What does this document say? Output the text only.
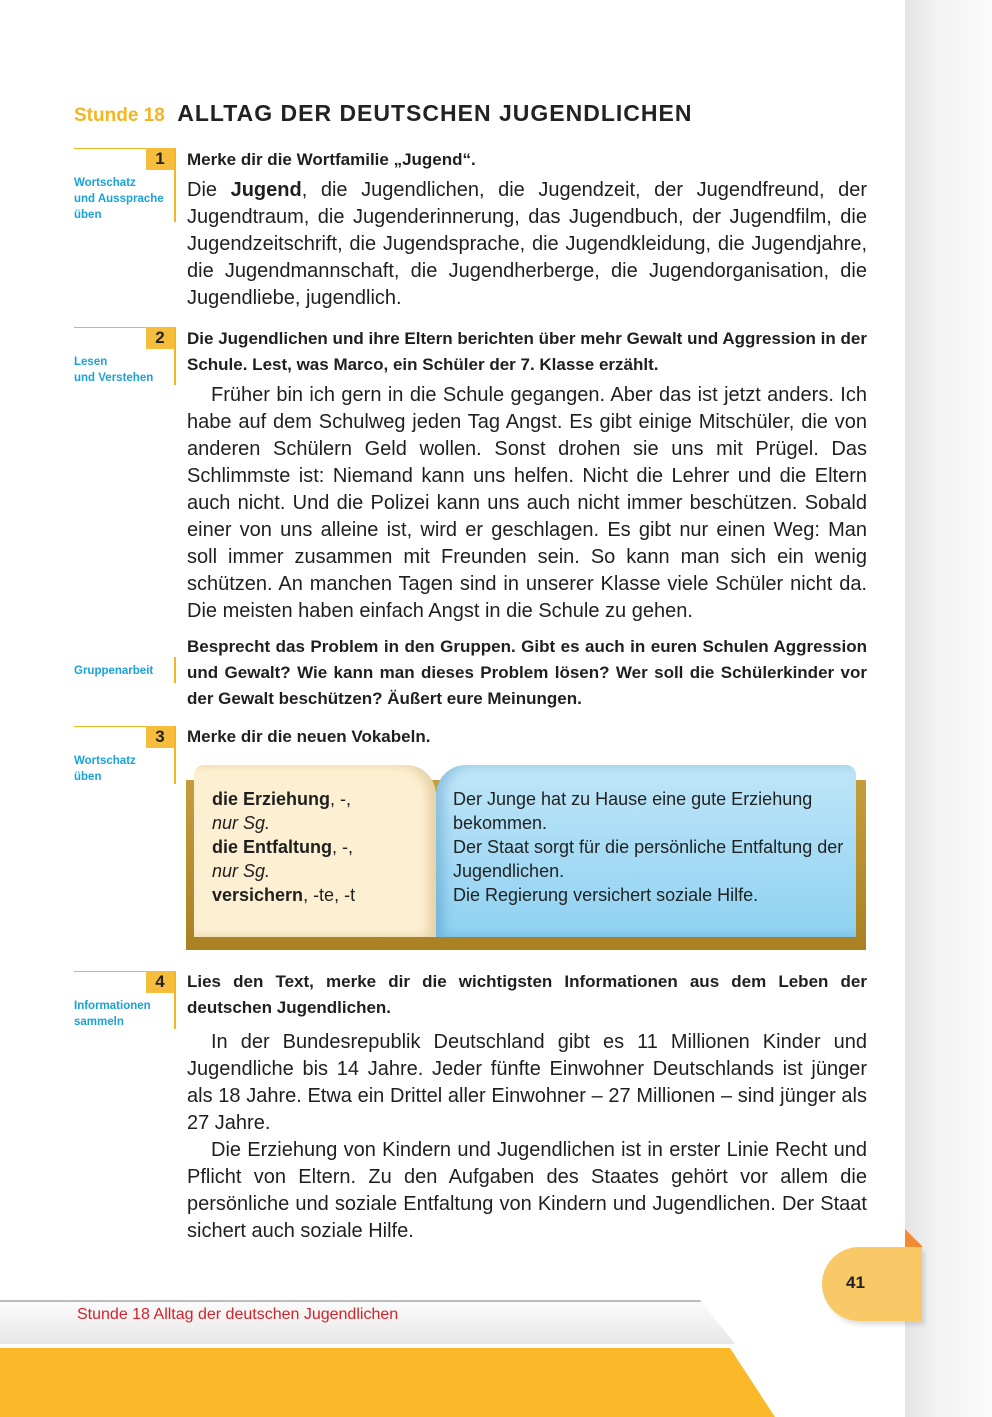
Stunde 18 ALLTAG DER DEUTSCHEN JUGENDLICHEN
1
Wortschatz
und Aussprache
üben
Merke dir die Wortfamilie „Jugend“.
Die Jugend, die Jugendlichen, die Jugendzeit, der Jugendfreund, der Jugendtraum, die Jugenderinnerung, das Jugendbuch, der Jugendfilm, die Jugendzeitschrift, die Jugendsprache, die Jugendkleidung, die Jugendjahre, die Jugendmannschaft, die Jugendherberge, die Jugendorganisation, die Jugendliebe, jugendlich.
2
Lesen
und Verstehen
Die Jugendlichen und ihre Eltern berichten über mehr Gewalt und Aggression in der Schule. Lest, was Marco, ein Schüler der 7. Klasse erzählt.
Früher bin ich gern in die Schule gegangen. Aber das ist jetzt anders. Ich habe auf dem Schulweg jeden Tag Angst. Es gibt einige Mitschüler, die von anderen Schülern Geld wollen. Sonst drohen sie uns mit Prügel. Das Schlimmste ist: Niemand kann uns helfen. Nicht die Lehrer und die Eltern auch nicht. Und die Polizei kann uns auch nicht immer beschützen. Sobald einer von uns alleine ist, wird er geschlagen. Es gibt nur einen Weg: Man soll immer zusammen mit Freunden sein. So kann man sich ein wenig schützen. An manchen Tagen sind in unserer Klasse viele Schüler nicht da. Die meisten haben einfach Angst in die Schule zu gehen.
Gruppenarbeit
Besprecht das Problem in den Gruppen. Gibt es auch in euren Schulen Aggression und Gewalt? Wie kann man dieses Problem lösen? Wer soll die Schülerkinder vor der Gewalt beschützen? Äußert eure Meinungen.
3
Wortschatz
üben
Merke dir die neuen Vokabeln.
die Erziehung, -,
nur Sg.
die Entfaltung, -,
nur Sg.
versichern, -te, -t
Der Junge hat zu Hause eine gute Erziehung bekommen.
Der Staat sorgt für die persönliche Entfaltung der Jugendlichen.
Die Regierung versichert soziale Hilfe.
4
Informationen
sammeln
Lies den Text, merke dir die wichtigsten Informationen aus dem Leben der deutschen Jugendlichen.
In der Bundesrepublik Deutschland gibt es 11 Millionen Kinder und Jugendliche bis 14 Jahre. Jeder fünfte Einwohner Deutschlands ist jünger als 18 Jahre. Etwa ein Drittel aller Einwohner – 27 Millionen – sind jünger als 27 Jahre.
Die Erziehung von Kindern und Jugendlichen ist in erster Linie Recht und Pflicht von Eltern. Zu den Aufgaben des Staates gehört vor allem die persönliche und soziale Entfaltung von Kindern und Jugendlichen. Der Staat sichert auch soziale Hilfe.
41
Stunde 18 Alltag der deutschen Jugendlichen
